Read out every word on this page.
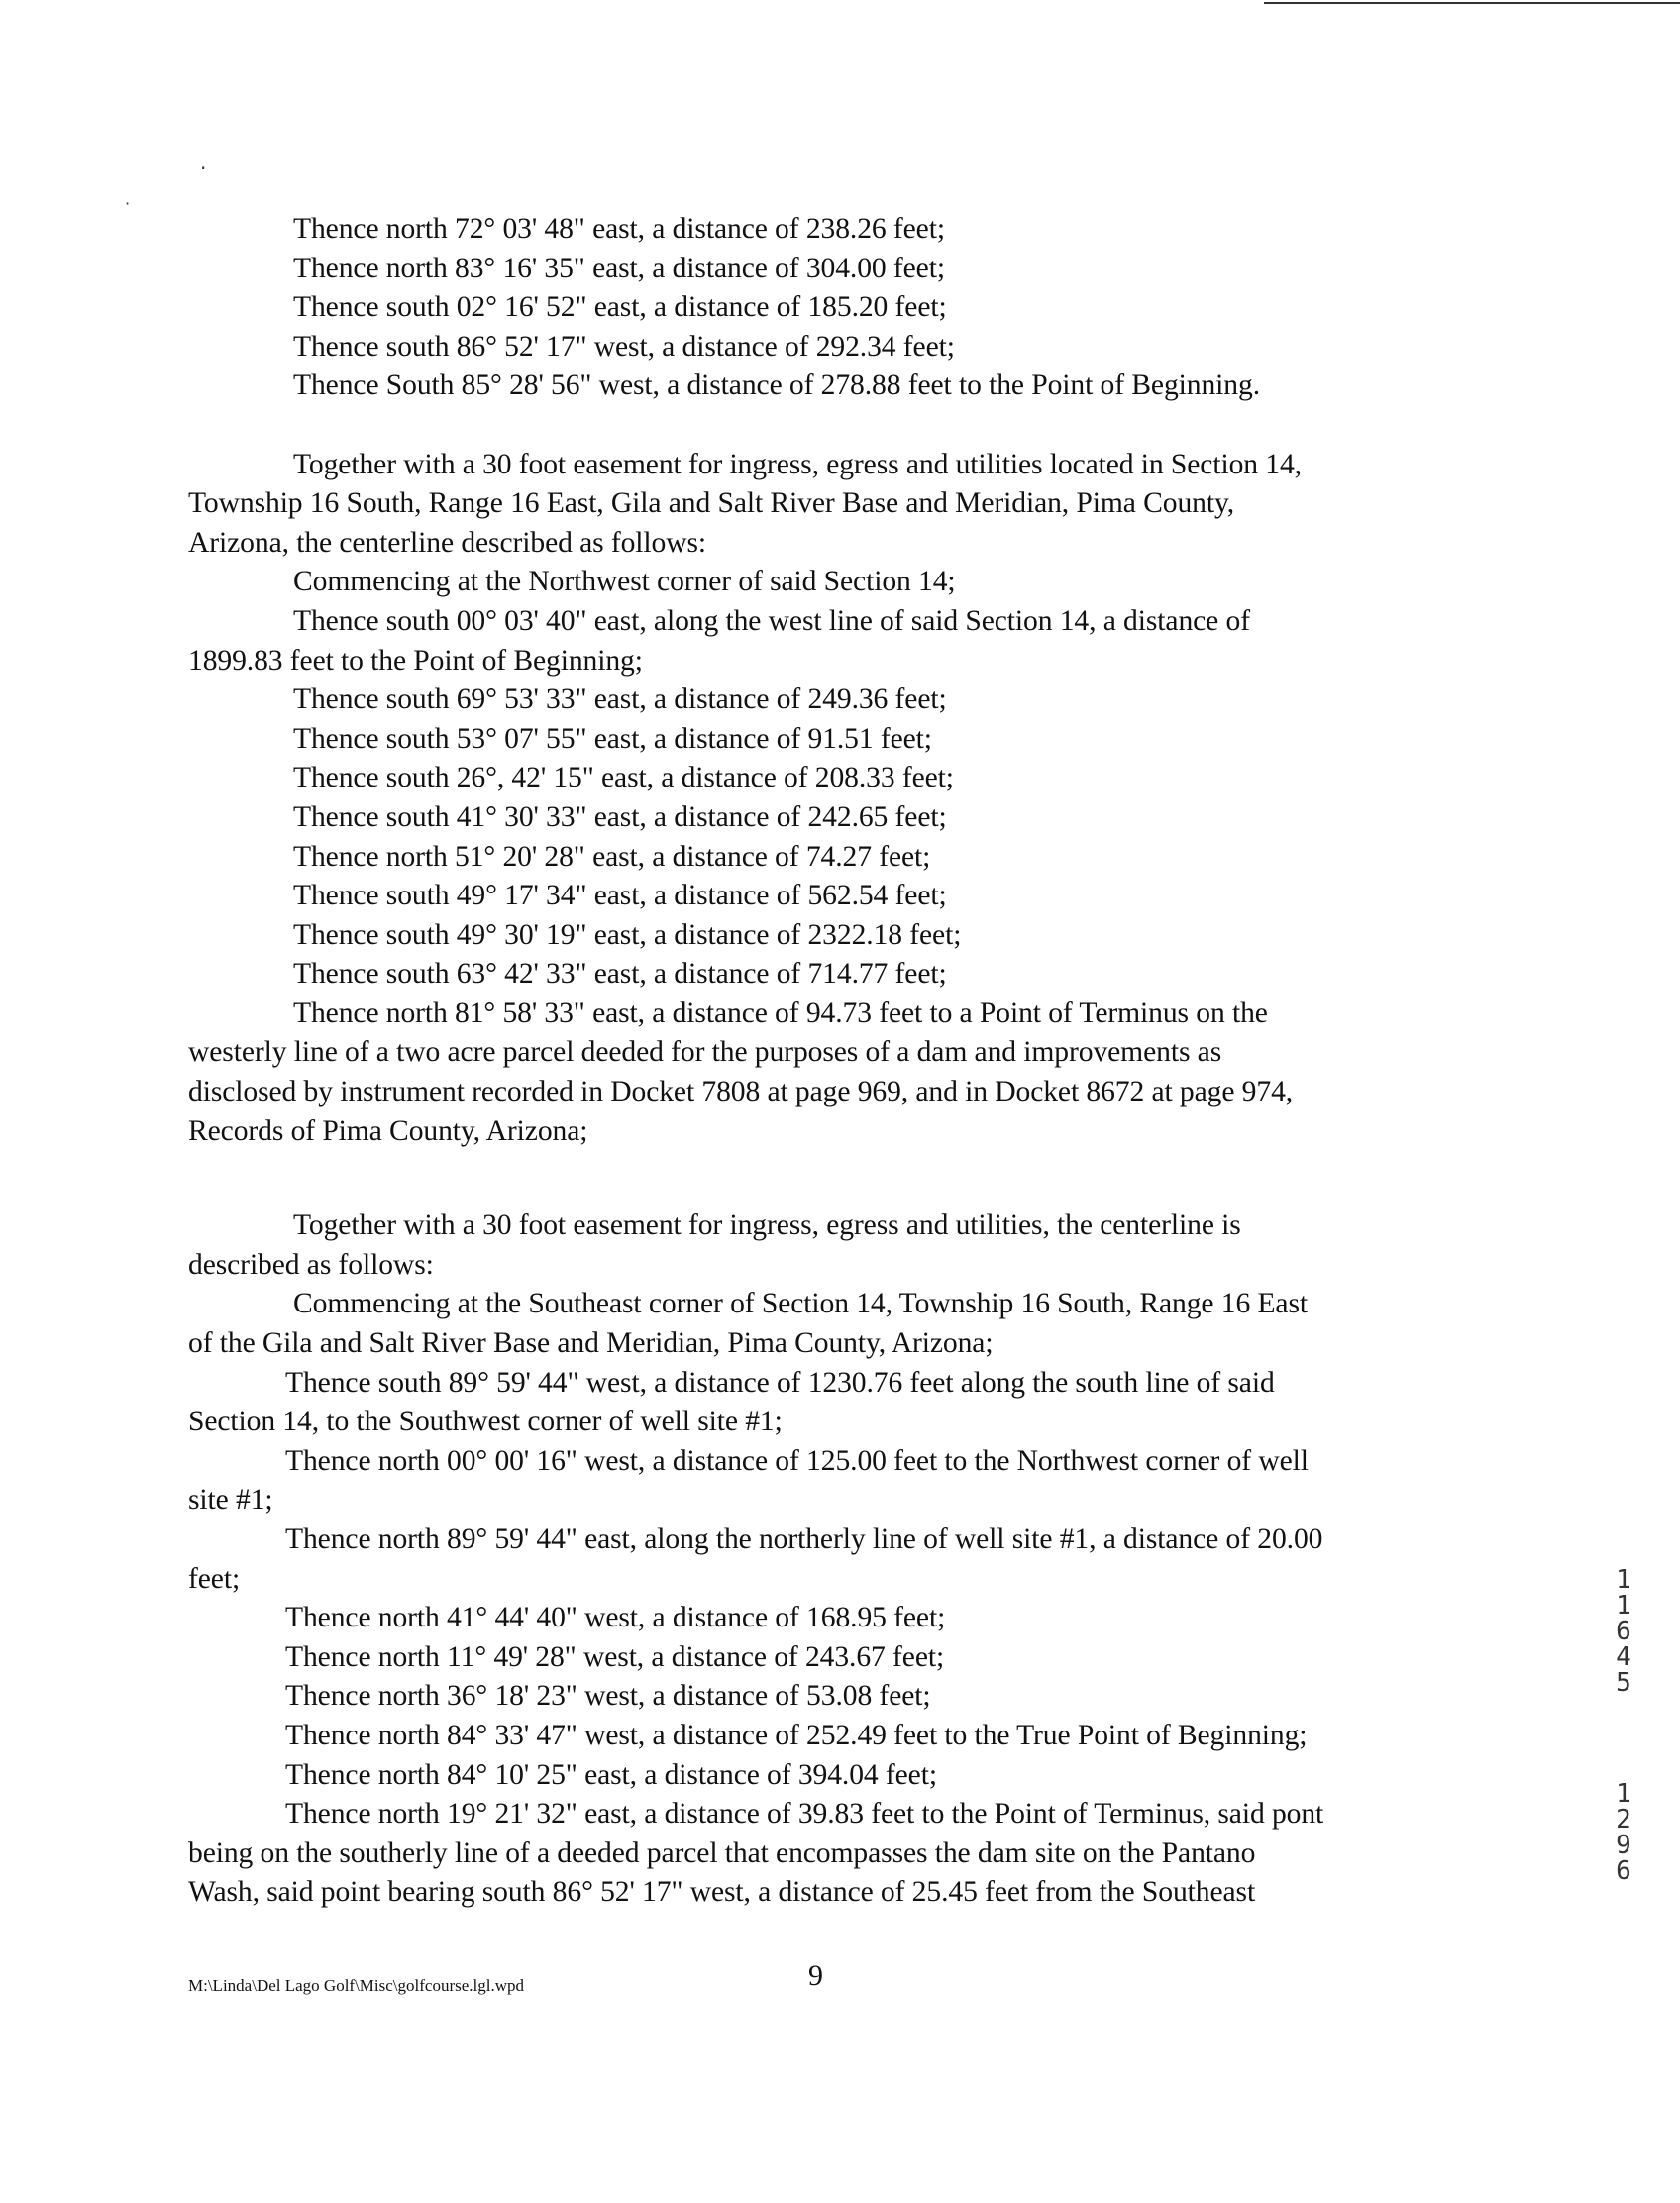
·
·
Thence north 72° 03' 48" east, a distance of 238.26 feet;
Thence north 83° 16' 35" east, a distance of 304.00 feet;
Thence south 02° 16' 52" east, a distance of 185.20 feet;
Thence south 86° 52' 17" west, a distance of 292.34 feet;
Thence South 85° 28' 56" west, a distance of 278.88 feet to the Point of Beginning.
Together with a 30 foot easement for ingress, egress and utilities located in Section 14,
Township 16 South, Range 16 East, Gila and Salt River Base and Meridian, Pima County,
Arizona, the centerline described as follows:
Commencing at the Northwest corner of said Section 14;
Thence south 00° 03' 40" east, along the west line of said Section 14, a distance of
1899.83 feet to the Point of Beginning;
Thence south 69° 53' 33" east, a distance of 249.36 feet;
Thence south 53° 07' 55" east, a distance of 91.51 feet;
Thence south 26°, 42' 15" east, a distance of 208.33 feet;
Thence south 41° 30' 33" east, a distance of 242.65 feet;
Thence north 51° 20' 28" east, a distance of 74.27 feet;
Thence south 49° 17' 34" east, a distance of 562.54 feet;
Thence south 49° 30' 19" east, a distance of 2322.18 feet;
Thence south 63° 42' 33" east, a distance of 714.77 feet;
Thence north 81° 58' 33" east, a distance of 94.73 feet to a Point of Terminus on the
westerly line of a two acre parcel deeded for the purposes of a dam and improvements as
disclosed by instrument recorded in Docket 7808 at page 969, and in Docket 8672 at page 974,
Records of Pima County, Arizona;
Together with a 30 foot easement for ingress, egress and utilities, the centerline is
described as follows:
Commencing at the Southeast corner of Section 14, Township 16 South, Range 16 East
of the Gila and Salt River Base and Meridian, Pima County, Arizona;
Thence south 89° 59' 44" west, a distance of 1230.76 feet along the south line of said
Section 14, to the Southwest corner of well site #1;
Thence north 00° 00' 16" west, a distance of 125.00 feet to the Northwest corner of well
site #1;
Thence north 89° 59' 44" east, along the northerly line of well site #1, a distance of 20.00
feet;
Thence north 41° 44' 40" west, a distance of 168.95 feet;
Thence north 11° 49' 28" west, a distance of 243.67 feet;
Thence north 36° 18' 23" west, a distance of 53.08 feet;
Thence north 84° 33' 47" west, a distance of 252.49 feet to the True Point of Beginning;
Thence north 84° 10' 25" east, a distance of 394.04 feet;
Thence north 19° 21' 32" east, a distance of 39.83 feet to the Point of Terminus, said pont
being on the southerly line of a deeded parcel that encompasses the dam site on the Pantano
Wash, said point bearing south 86° 52' 17" west, a distance of 25.45 feet from the Southeast
M:\Linda\Del Lago Golf\Misc\golfcourse.lgl.wpd	9
1
1
6
4
5
1
2
9
6
